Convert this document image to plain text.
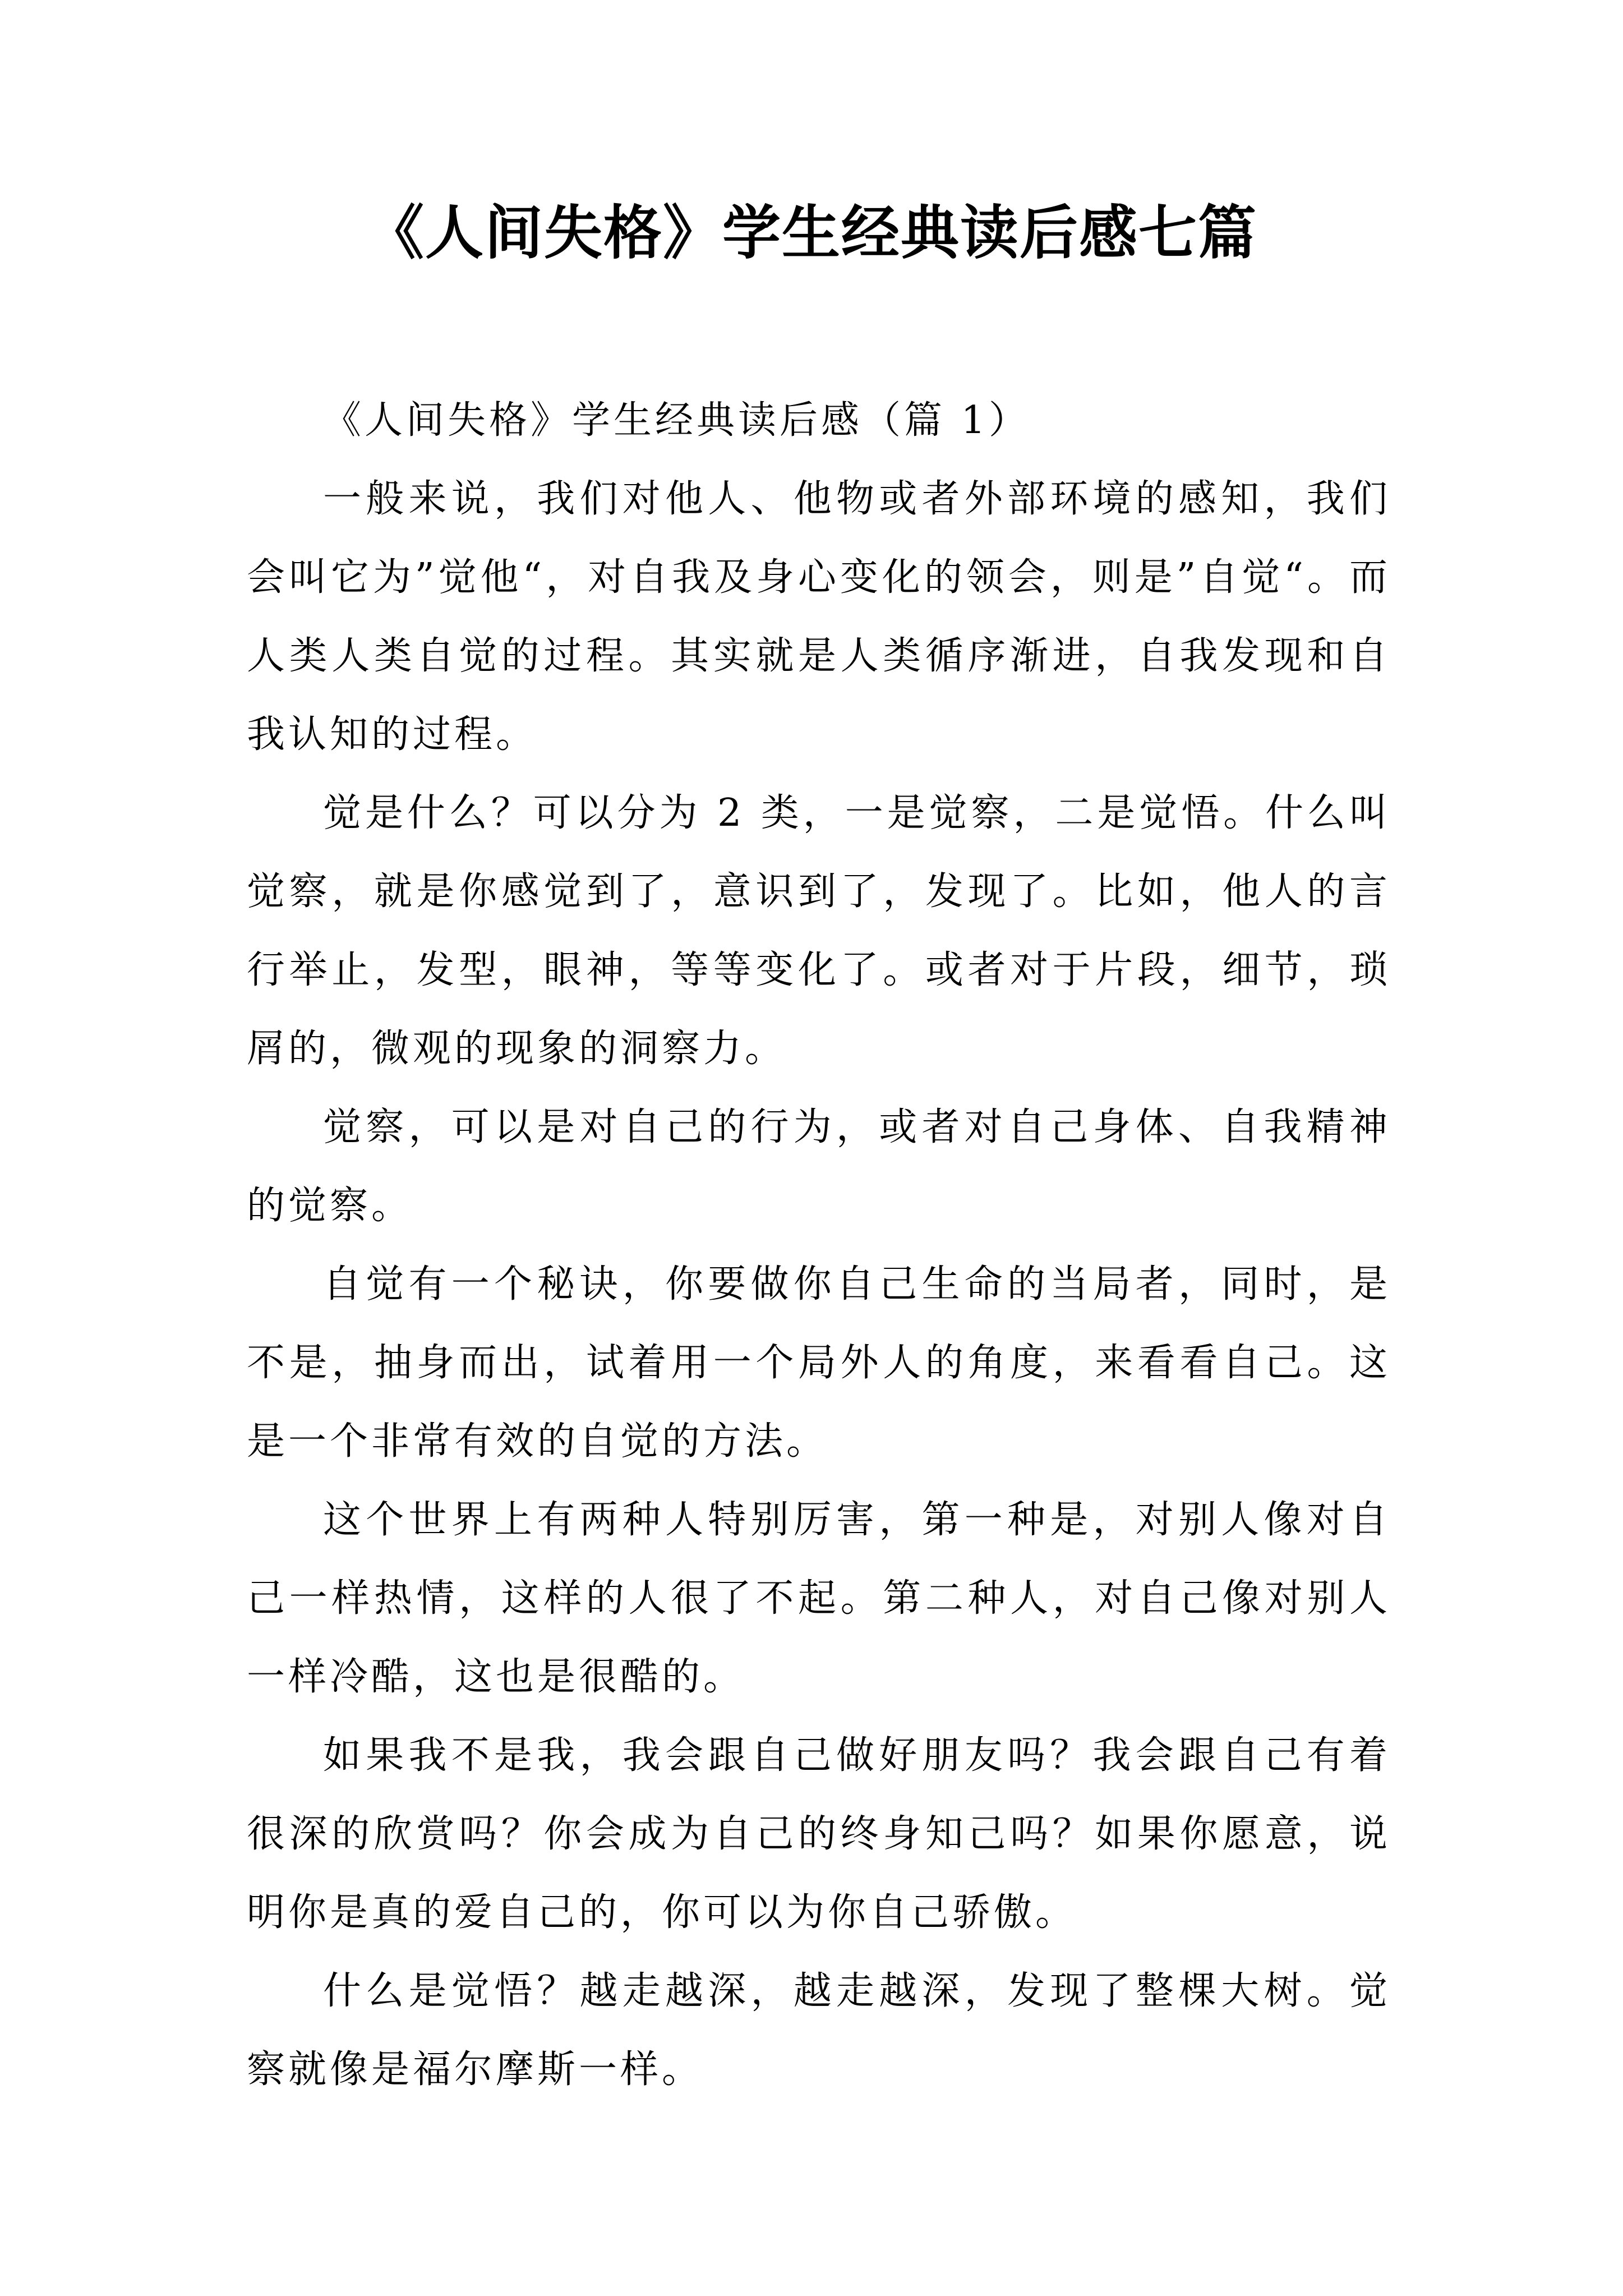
《人间失格》学生经典读后感七篇

《人间失格》学生经典读后感（篇 1）

一般来说，我们对他人、他物或者外部环境的感知，我们会叫它为”觉他“，对自我及身心变化的领会，则是”自觉“。而人类人类自觉的过程。其实就是人类循序渐进，自我发现和自我认知的过程。

觉是什么？可以分为 2 类，一是觉察，二是觉悟。什么叫觉察，就是你感觉到了，意识到了，发现了。比如，他人的言行举止，发型，眼神，等等变化了。或者对于片段，细节，琐屑的，微观的现象的洞察力。

觉察，可以是对自己的行为，或者对自己身体、自我精神的觉察。

自觉有一个秘诀，你要做你自己生命的当局者，同时，是不是，抽身而出，试着用一个局外人的角度，来看看自己。这是一个非常有效的自觉的方法。

这个世界上有两种人特别厉害，第一种是，对别人像对自己一样热情，这样的人很了不起。第二种人，对自己像对别人一样冷酷，这也是很酷的。

如果我不是我，我会跟自己做好朋友吗？我会跟自己有着很深的欣赏吗？你会成为自己的终身知己吗？如果你愿意，说明你是真的爱自己的，你可以为你自己骄傲。

什么是觉悟？越走越深，越走越深，发现了整棵大树。觉察就像是福尔摩斯一样。
